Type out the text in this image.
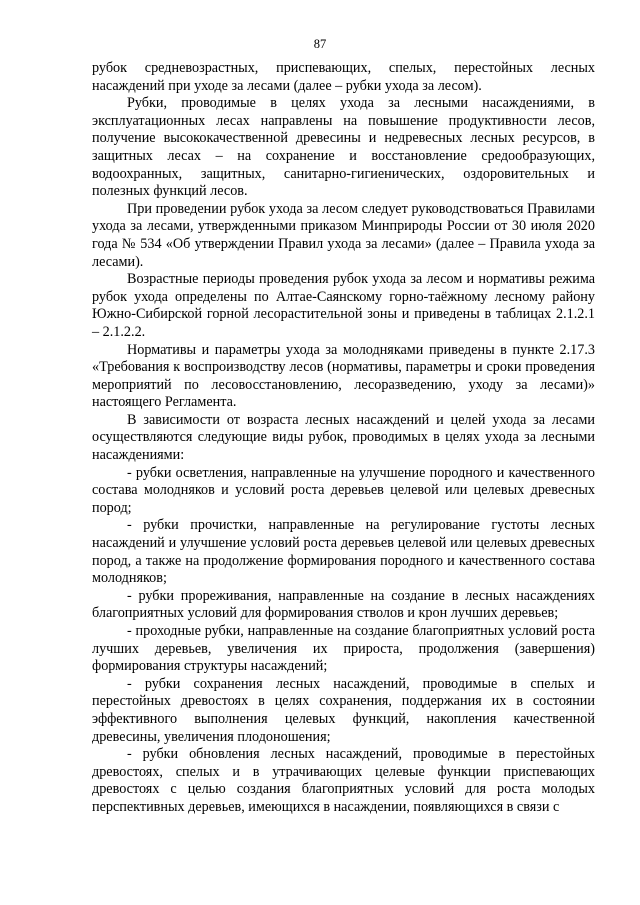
87

рубок средневозрастных, приспевающих, спелых, перестойных лесных насаждений при уходе за лесами (далее – рубки ухода за лесом).

Рубки, проводимые в целях ухода за лесными насаждениями, в эксплуатационных лесах направлены на повышение продуктивности лесов, получение высококачественной древесины и недревесных лесных ресурсов, в защитных лесах – на сохранение и восстановление средообразующих, водоохранных, защитных, санитарно-гигиенических, оздоровительных и полезных функций лесов.

При проведении рубок ухода за лесом следует руководствоваться Правилами ухода за лесами, утвержденными приказом Минприроды России от 30 июля 2020 года № 534 «Об утверждении Правил ухода за лесами» (далее – Правила ухода за лесами).

Возрастные периоды проведения рубок ухода за лесом и нормативы режима рубок ухода определены по Алтае-Саянскому горно-таёжному лесному району Южно-Сибирской горной лесорастительной зоны и приведены в таблицах 2.1.2.1 – 2.1.2.2.

Нормативы и параметры ухода за молодняками приведены в пункте 2.17.3 «Требования к воспроизводству лесов (нормативы, параметры и сроки проведения мероприятий по лесовосстановлению, лесоразведению, уходу за лесами)» настоящего Регламента.

В зависимости от возраста лесных насаждений и целей ухода за лесами осуществляются следующие виды рубок, проводимых в целях ухода за лесными насаждениями:

- рубки осветления, направленные на улучшение породного и качественного состава молодняков и условий роста деревьев целевой или целевых древесных пород;

- рубки прочистки, направленные на регулирование густоты лесных насаждений и улучшение условий роста деревьев целевой или целевых древесных пород, а также на продолжение формирования породного и качественного состава молодняков;

- рубки прореживания, направленные на создание в лесных насаждениях благоприятных условий для формирования стволов и крон лучших деревьев;

- проходные рубки, направленные на создание благоприятных условий роста лучших деревьев, увеличения их прироста, продолжения (завершения) формирования структуры насаждений;

- рубки сохранения лесных насаждений, проводимые в спелых и перестойных древостоях в целях сохранения, поддержания их в состоянии эффективного выполнения целевых функций, накопления качественной древесины, увеличения плодоношения;

- рубки обновления лесных насаждений, проводимые в перестойных древостоях, спелых и в утрачивающих целевые функции приспевающих древостоях с целью создания благоприятных условий для роста молодых перспективных деревьев, имеющихся в насаждении, появляющихся в связи с
